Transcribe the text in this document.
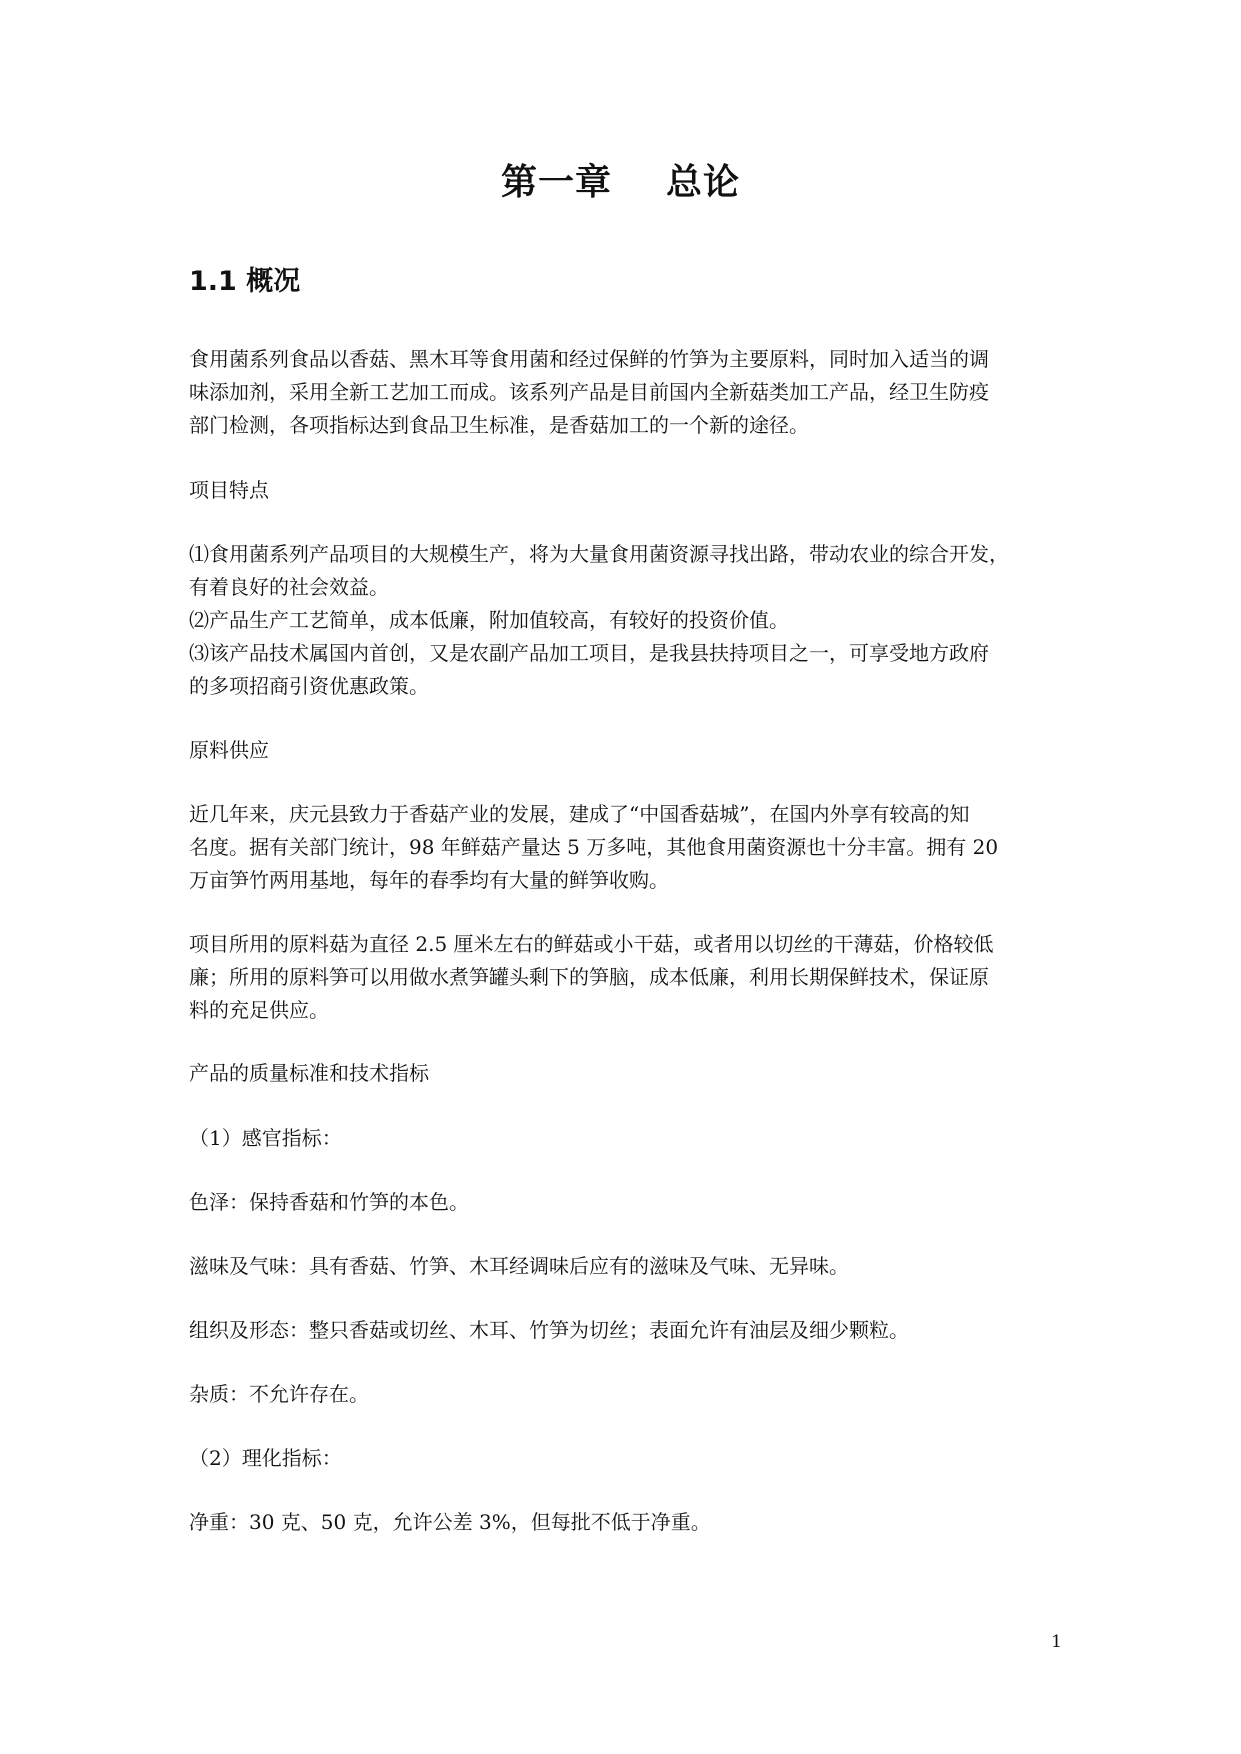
第一章 总论
1.1 概况

食用菌系列食品以香菇、黑木耳等食用菌和经过保鲜的竹笋为主要原料，同时加入适当的调
味添加剂，采用全新工艺加工而成。该系列产品是目前国内全新菇类加工产品，经卫生防疫
部门检测，各项指标达到食品卫生标准，是香菇加工的一个新的途径。

项目特点

⑴食用菌系列产品项目的大规模生产，将为大量食用菌资源寻找出路，带动农业的综合开发，
有着良好的社会效益。
⑵产品生产工艺简单，成本低廉，附加值较高，有较好的投资价值。
⑶该产品技术属国内首创，又是农副产品加工项目，是我县扶持项目之一，可享受地方政府
的多项招商引资优惠政策。

原料供应

近几年来，庆元县致力于香菇产业的发展，建成了“中国香菇城”，在国内外享有较高的知
名度。据有关部门统计，98 年鲜菇产量达 5 万多吨，其他食用菌资源也十分丰富。拥有 20
万亩笋竹两用基地，每年的春季均有大量的鲜笋收购。

项目所用的原料菇为直径 2.5 厘米左右的鲜菇或小干菇，或者用以切丝的干薄菇，价格较低
廉；所用的原料笋可以用做水煮笋罐头剩下的笋脑，成本低廉，利用长期保鲜技术，保证原
料的充足供应。

产品的质量标准和技术指标
（1）感官指标：
色泽：保持香菇和竹笋的本色。
滋味及气味：具有香菇、竹笋、木耳经调味后应有的滋味及气味、无异味。
组织及形态：整只香菇或切丝、木耳、竹笋为切丝；表面允许有油层及细少颗粒。
杂质：不允许存在。
（2）理化指标：
净重：30 克、50 克，允许公差 3%，但每批不低于净重。
1
